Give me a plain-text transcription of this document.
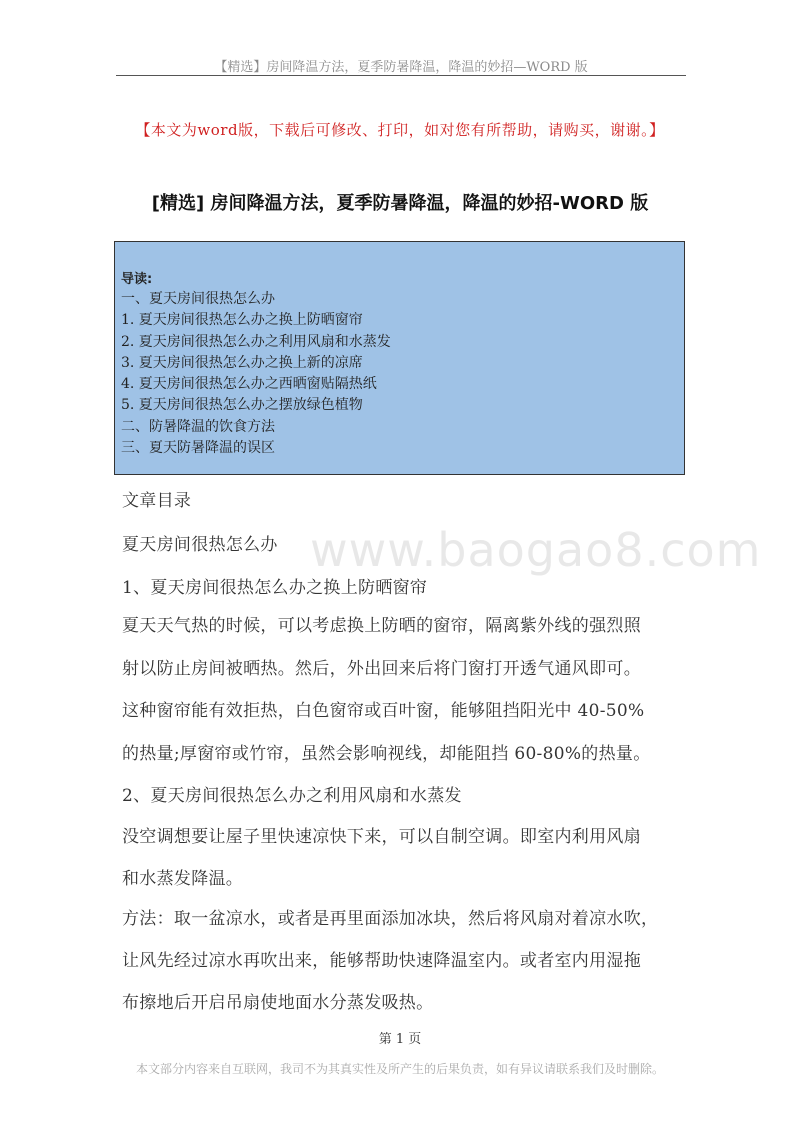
【精选】房间降温方法，夏季防暑降温，降温的妙招—WORD 版
【本文为word版，下载后可修改、打印，如对您有所帮助，请购买，谢谢。】
[精选] 房间降温方法，夏季防暑降温，降温的妙招-WORD 版
导读:
一、夏天房间很热怎么办
1. 夏天房间很热怎么办之换上防晒窗帘
2. 夏天房间很热怎么办之利用风扇和水蒸发
3. 夏天房间很热怎么办之换上新的凉席
4. 夏天房间很热怎么办之西晒窗贴隔热纸
5. 夏天房间很热怎么办之摆放绿色植物
二、防暑降温的饮食方法
三、夏天防暑降温的误区
www.baogao8.com
文章目录
夏天房间很热怎么办
1、夏天房间很热怎么办之换上防晒窗帘
夏天天气热的时候，可以考虑换上防晒的窗帘，隔离紫外线的强烈照
射以防止房间被晒热。然后，外出回来后将门窗打开透气通风即可。
这种窗帘能有效拒热，白色窗帘或百叶窗，能够阻挡阳光中 40-50%
的热量;厚窗帘或竹帘，虽然会影响视线，却能阻挡 60-80%的热量。
2、夏天房间很热怎么办之利用风扇和水蒸发
没空调想要让屋子里快速凉快下来，可以自制空调。即室内利用风扇
和水蒸发降温。
方法：取一盆凉水，或者是再里面添加冰块，然后将风扇对着凉水吹，
让风先经过凉水再吹出来，能够帮助快速降温室内。或者室内用湿拖
布擦地后开启吊扇使地面水分蒸发吸热。
第 1 页
本文部分内容来自互联网，我司不为其真实性及所产生的后果负责，如有异议请联系我们及时删除。
